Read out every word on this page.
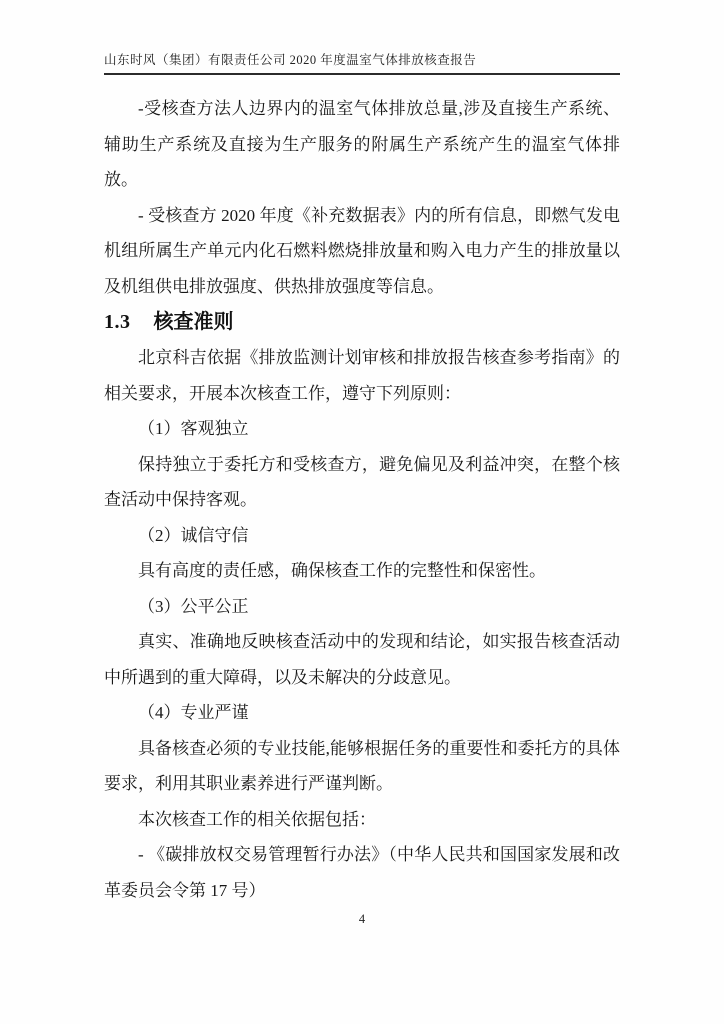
山东时风（集团）有限责任公司 2020 年度温室气体排放核查报告

-受核查方法人边界内的温室气体排放总量,涉及直接生产系统、辅助生产系统及直接为生产服务的附属生产系统产生的温室气体排放。

- 受核查方 2020 年度《补充数据表》内的所有信息，即燃气发电机组所属生产单元内化石燃料燃烧排放量和购入电力产生的排放量以及机组供电排放强度、供热排放强度等信息。

1.3 核查准则

北京科吉依据《排放监测计划审核和排放报告核查参考指南》的相关要求，开展本次核查工作，遵守下列原则：

（1）客观独立

保持独立于委托方和受核查方，避免偏见及利益冲突，在整个核查活动中保持客观。

（2）诚信守信

具有高度的责任感，确保核查工作的完整性和保密性。

（3）公平公正

真实、准确地反映核查活动中的发现和结论，如实报告核查活动中所遇到的重大障碍，以及未解决的分歧意见。

（4）专业严谨

具备核查必须的专业技能,能够根据任务的重要性和委托方的具体要求，利用其职业素养进行严谨判断。

本次核查工作的相关依据包括：

- 《碳排放权交易管理暂行办法》（中华人民共和国国家发展和改革委员会令第 17 号）

4
